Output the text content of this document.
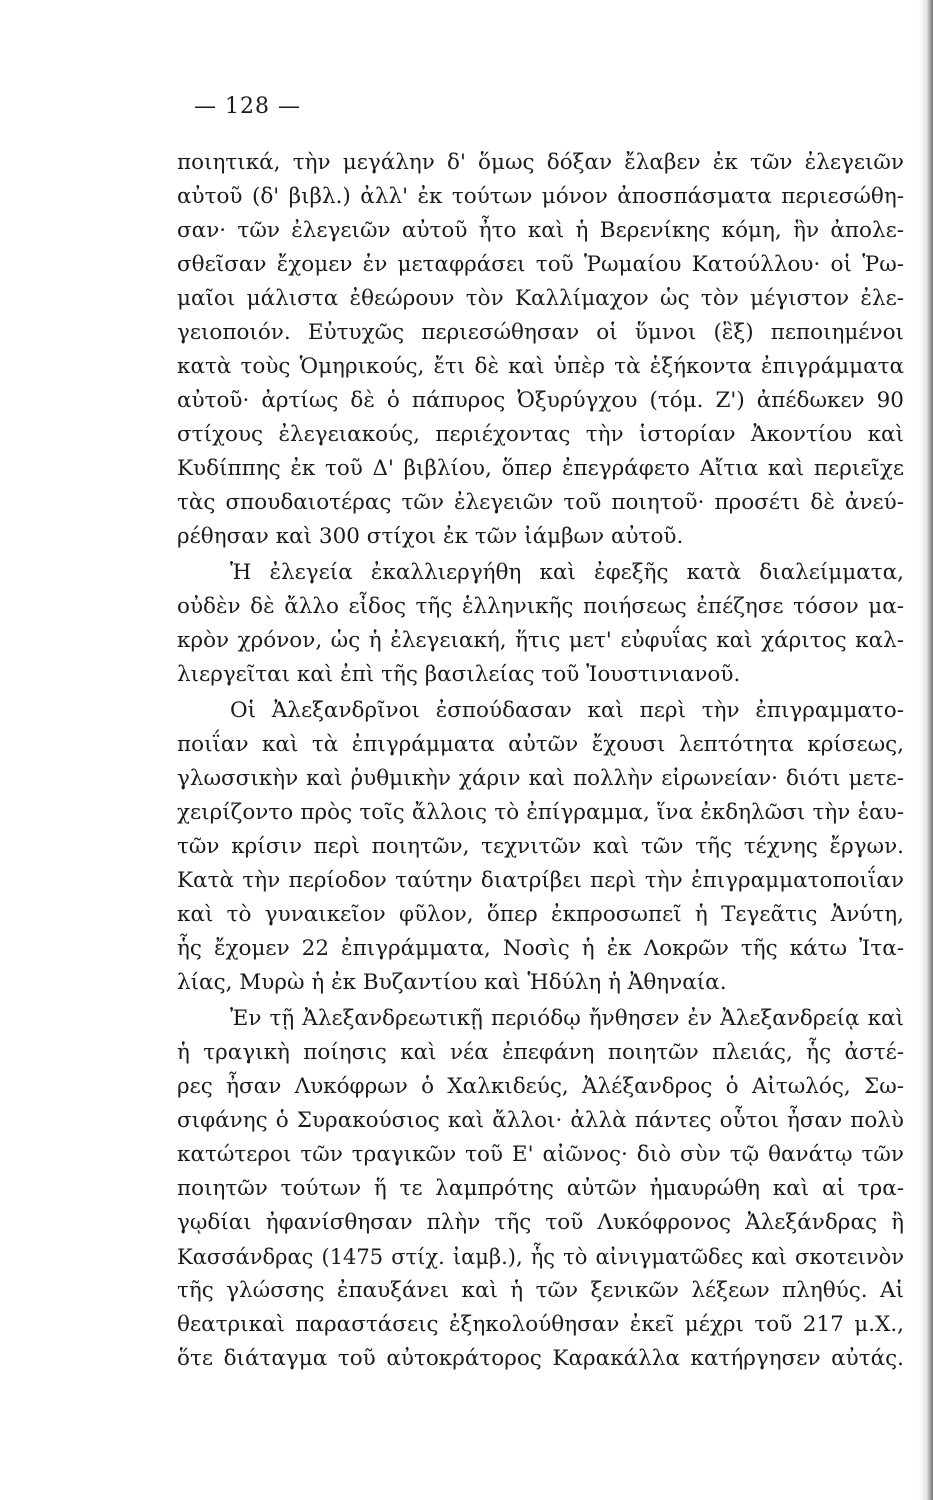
— 128 —
ποιητικά, τὴν μεγάλην δ' ὅμως δόξαν ἔλαβεν ἐκ τῶν ἐλεγειῶν
αὐτοῦ (δ' βιβλ.) ἀλλ' ἐκ τούτων μόνον ἀποσπάσματα περιεσώθη-
σαν· τῶν ἐλεγειῶν αὐτοῦ ἦτο καὶ ἡ Βερενίκης κόμη, ἣν ἀπολε-
σθεῖσαν ἔχομεν ἐν μεταφράσει τοῦ Ῥωμαίου Κατούλλου· οἱ Ῥω-
μαῖοι μάλιστα ἐθεώρουν τὸν Καλλίμαχον ὡς τὸν μέγιστον ἐλε-
γειοποιόν. Εὐτυχῶς περιεσώθησαν οἱ ὕμνοι (ἓξ) πεποιημένοι
κατὰ τοὺς Ὁμηρικούς, ἔτι δὲ καὶ ὑπὲρ τὰ ἑξήκοντα ἐπιγράμματα
αὐτοῦ· ἀρτίως δὲ ὁ πάπυρος Ὀξυρύγχου (τόμ. Ζ') ἀπέδωκεν 90
στίχους ἐλεγειακούς, περιέχοντας τὴν ἱστορίαν Ἀκοντίου καὶ
Κυδίππης ἐκ τοῦ Δ' βιβλίου, ὅπερ ἐπεγράφετο Αἴτια καὶ περιεῖχε
τὰς σπουδαιοτέρας τῶν ἐλεγειῶν τοῦ ποιητοῦ· προσέτι δὲ ἀνεύ-
ρέθησαν καὶ 300 στίχοι ἐκ τῶν ἰάμβων αὐτοῦ.
Ἡ ἐλεγεία ἐκαλλιεργήθη καὶ ἐφεξῆς κατὰ διαλείμματα,
οὐδὲν δὲ ἄλλο εἶδος τῆς ἑλληνικῆς ποιήσεως ἐπέζησε τόσον μα-
κρὸν χρόνον, ὡς ἡ ἐλεγειακή, ἥτις μετ' εὐφυΐας καὶ χάριτος καλ-
λιεργεῖται καὶ ἐπὶ τῆς βασιλείας τοῦ Ἰουστινιανοῦ.
Οἱ Ἀλεξανδρῖνοι ἐσπούδασαν καὶ περὶ τὴν ἐπιγραμματο-
ποιΐαν καὶ τὰ ἐπιγράμματα αὐτῶν ἔχουσι λεπτότητα κρίσεως,
γλωσσικὴν καὶ ῥυθμικὴν χάριν καὶ πολλὴν εἰρωνείαν· διότι μετε-
χειρίζοντο πρὸς τοῖς ἄλλοις τὸ ἐπίγραμμα, ἵνα ἐκδηλῶσι τὴν ἑαυ-
τῶν κρίσιν περὶ ποιητῶν, τεχνιτῶν καὶ τῶν τῆς τέχνης ἔργων.
Κατὰ τὴν περίοδον ταύτην διατρίβει περὶ τὴν ἐπιγραμματοποιΐαν
καὶ τὸ γυναικεῖον φῦλον, ὅπερ ἐκπροσωπεῖ ἡ Τεγεᾶτις Ἀνύτη,
ἧς ἔχομεν 22 ἐπιγράμματα, Νοσὶς ἡ ἐκ Λοκρῶν τῆς κάτω Ἰτα-
λίας, Μυρὼ ἡ ἐκ Βυζαντίου καὶ Ἡδύλη ἡ Ἀθηναία.
Ἐν τῇ Ἀλεξανδρεωτικῇ περιόδῳ ἤνθησεν ἐν Ἀλεξανδρείᾳ καὶ
ἡ τραγικὴ ποίησις καὶ νέα ἐπεφάνη ποιητῶν πλειάς, ἧς ἀστέ-
ρες ἦσαν Λυκόφρων ὁ Χαλκιδεύς, Ἀλέξανδρος ὁ Αἰτωλός, Σω-
σιφάνης ὁ Συρακούσιος καὶ ἄλλοι· ἀλλὰ πάντες οὗτοι ἦσαν πολὺ
κατώτεροι τῶν τραγικῶν τοῦ Ε' αἰῶνος· διὸ σὺν τῷ θανάτῳ τῶν
ποιητῶν τούτων ἥ τε λαμπρότης αὐτῶν ἠμαυρώθη καὶ αἱ τρα-
γῳδίαι ἠφανίσθησαν πλὴν τῆς τοῦ Λυκόφρονος Ἀλεξάνδρας ἢ
Κασσάνδρας (1475 στίχ. ἰαμβ.), ἧς τὸ αἰνιγματῶδες καὶ σκοτεινὸν
τῆς γλώσσης ἐπαυξάνει καὶ ἡ τῶν ξενικῶν λέξεων πληθύς. Αἱ
θεατρικαὶ παραστάσεις ἐξηκολούθησαν ἐκεῖ μέχρι τοῦ 217 μ.Χ.,
ὅτε διάταγμα τοῦ αὐτοκράτορος Καρακάλλα κατήργησεν αὐτάς.
